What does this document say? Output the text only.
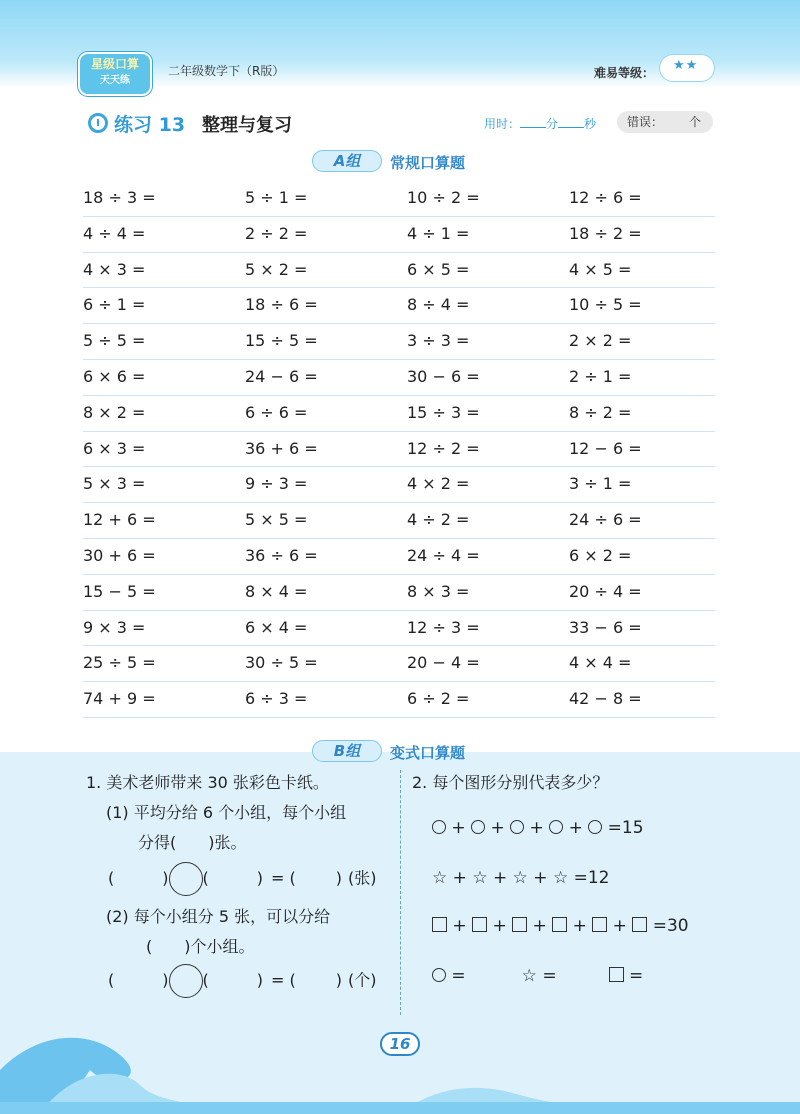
星级口算
天天练
二年级数学下（R版）	难易等级： ★★
练习 13 整理与复习	用时： 分 秒	错误： 个
A组	常规口算题
18 ÷ 3 =	5 ÷ 1 =	10 ÷ 2 =	12 ÷ 6 =
4 ÷ 4 =	2 ÷ 2 =	4 ÷ 1 =	18 ÷ 2 =
4 × 3 =	5 × 2 =	6 × 5 =	4 × 5 =
6 ÷ 1 =	18 ÷ 6 =	8 ÷ 4 =	10 ÷ 5 =
5 ÷ 5 =	15 ÷ 5 =	3 ÷ 3 =	2 × 2 =
6 × 6 =	24 − 6 =	30 − 6 =	2 ÷ 1 =
8 × 2 =	6 ÷ 6 =	15 ÷ 3 =	8 ÷ 2 =
6 × 3 =	36 + 6 =	12 ÷ 2 =	12 − 6 =
5 × 3 =	9 ÷ 3 =	4 × 2 =	3 ÷ 1 =
12 + 6 =	5 × 5 =	4 ÷ 2 =	24 ÷ 6 =
30 + 6 =	36 ÷ 6 =	24 ÷ 4 =	6 × 2 =
15 − 5 =	8 × 4 =	8 × 3 =	20 ÷ 4 =
9 × 3 =	6 × 4 =	12 ÷ 3 =	33 − 6 =
25 ÷ 5 =	30 ÷ 5 =	20 − 4 =	4 × 4 =
74 + 9 =	6 ÷ 3 =	6 ÷ 2 =	42 − 8 =
B组	变式口算题
1. 美术老师带来 30 张彩色卡纸。
(1) 平均分给 6 个小组，每个小组
分得(　　)张。
(	) (	) = (	) (张)
(2) 每个小组分 5 张，可以分给
(　　)个小组。
(	) (	) = (	) (个)
2. 每个图形分别代表多少？
+ + + + =15
☆ + ☆ + ☆ + ☆ =12
+ + + + + =30
=	☆ =	=
16
